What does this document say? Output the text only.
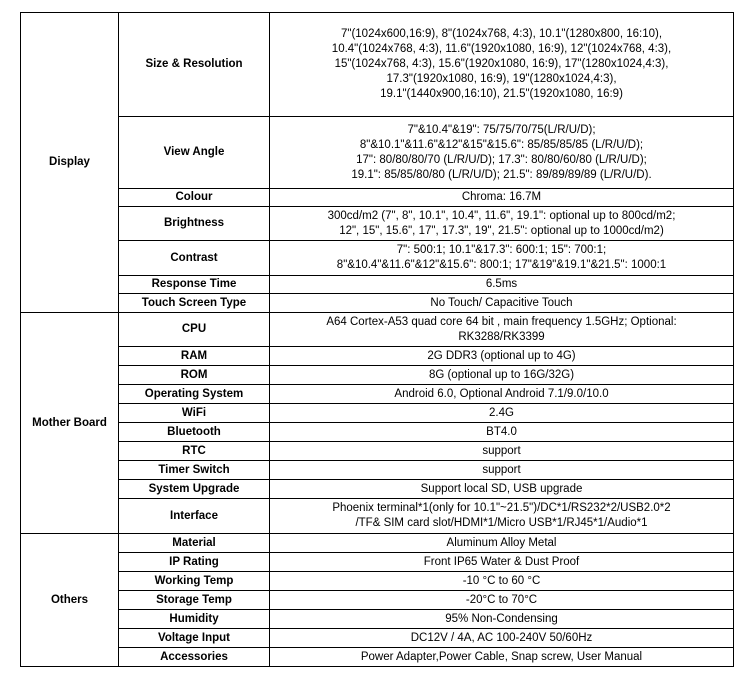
Display	Size & Resolution	7"(1024x600,16:9), 8"(1024x768, 4:3), 10.1"(1280x800, 16:10),
10.4"(1024x768, 4:3), 11.6"(1920x1080, 16:9), 12"(1024x768, 4:3),
15"(1024x768, 4:3), 15.6"(1920x1080, 16:9), 17"(1280x1024,4:3),
17.3"(1920x1080, 16:9), 19"(1280x1024,4:3),
19.1"(1440x900,16:10), 21.5"(1920x1080, 16:9)
	View Angle	7"&10.4"&19": 75/75/70/75(L/R/U/D);
8"&10.1"&11.6"&12"&15"&15.6": 85/85/85/85 (L/R/U/D);
17": 80/80/80/70 (L/R/U/D); 17.3": 80/80/60/80 (L/R/U/D);
19.1": 85/85/80/80 (L/R/U/D); 21.5": 89/89/89/89 (L/R/U/D).
	Colour	Chroma: 16.7M
	Brightness	300cd/m2 (7", 8", 10.1", 10.4", 11.6", 19.1": optional up to 800cd/m2;
12", 15", 15.6", 17", 17.3", 19", 21.5": optional up to 1000cd/m2)
	Contrast	7": 500:1; 10.1"&17.3": 600:1; 15": 700:1;
8"&10.4"&11.6"&12"&15.6": 800:1; 17"&19"&19.1"&21.5": 1000:1
	Response Time	6.5ms
	Touch Screen Type	No Touch/ Capacitive Touch
Mother Board	CPU	A64 Cortex-A53 quad core 64 bit , main frequency 1.5GHz; Optional:
RK3288/RK3399
	RAM	2G DDR3 (optional up to 4G)
	ROM	8G (optional up to 16G/32G)
	Operating System	Android 6.0, Optional Android 7.1/9.0/10.0
	WiFi	2.4G
	Bluetooth	BT4.0
	RTC	support
	Timer Switch	support
	System Upgrade	Support local SD, USB upgrade
	Interface	Phoenix terminal*1(only for 10.1"~21.5")/DC*1/RS232*2/USB2.0*2
/TF& SIM card slot/HDMI*1/Micro USB*1/RJ45*1/Audio*1
Others	Material	Aluminum Alloy Metal
	IP Rating	Front IP65 Water & Dust Proof
	Working Temp	-10 °C to 60 °C
	Storage Temp	-20°C to 70°C
	Humidity	95% Non-Condensing
	Voltage Input	DC12V / 4A, AC 100-240V 50/60Hz
	Accessories	Power Adapter,Power Cable, Snap screw, User Manual
